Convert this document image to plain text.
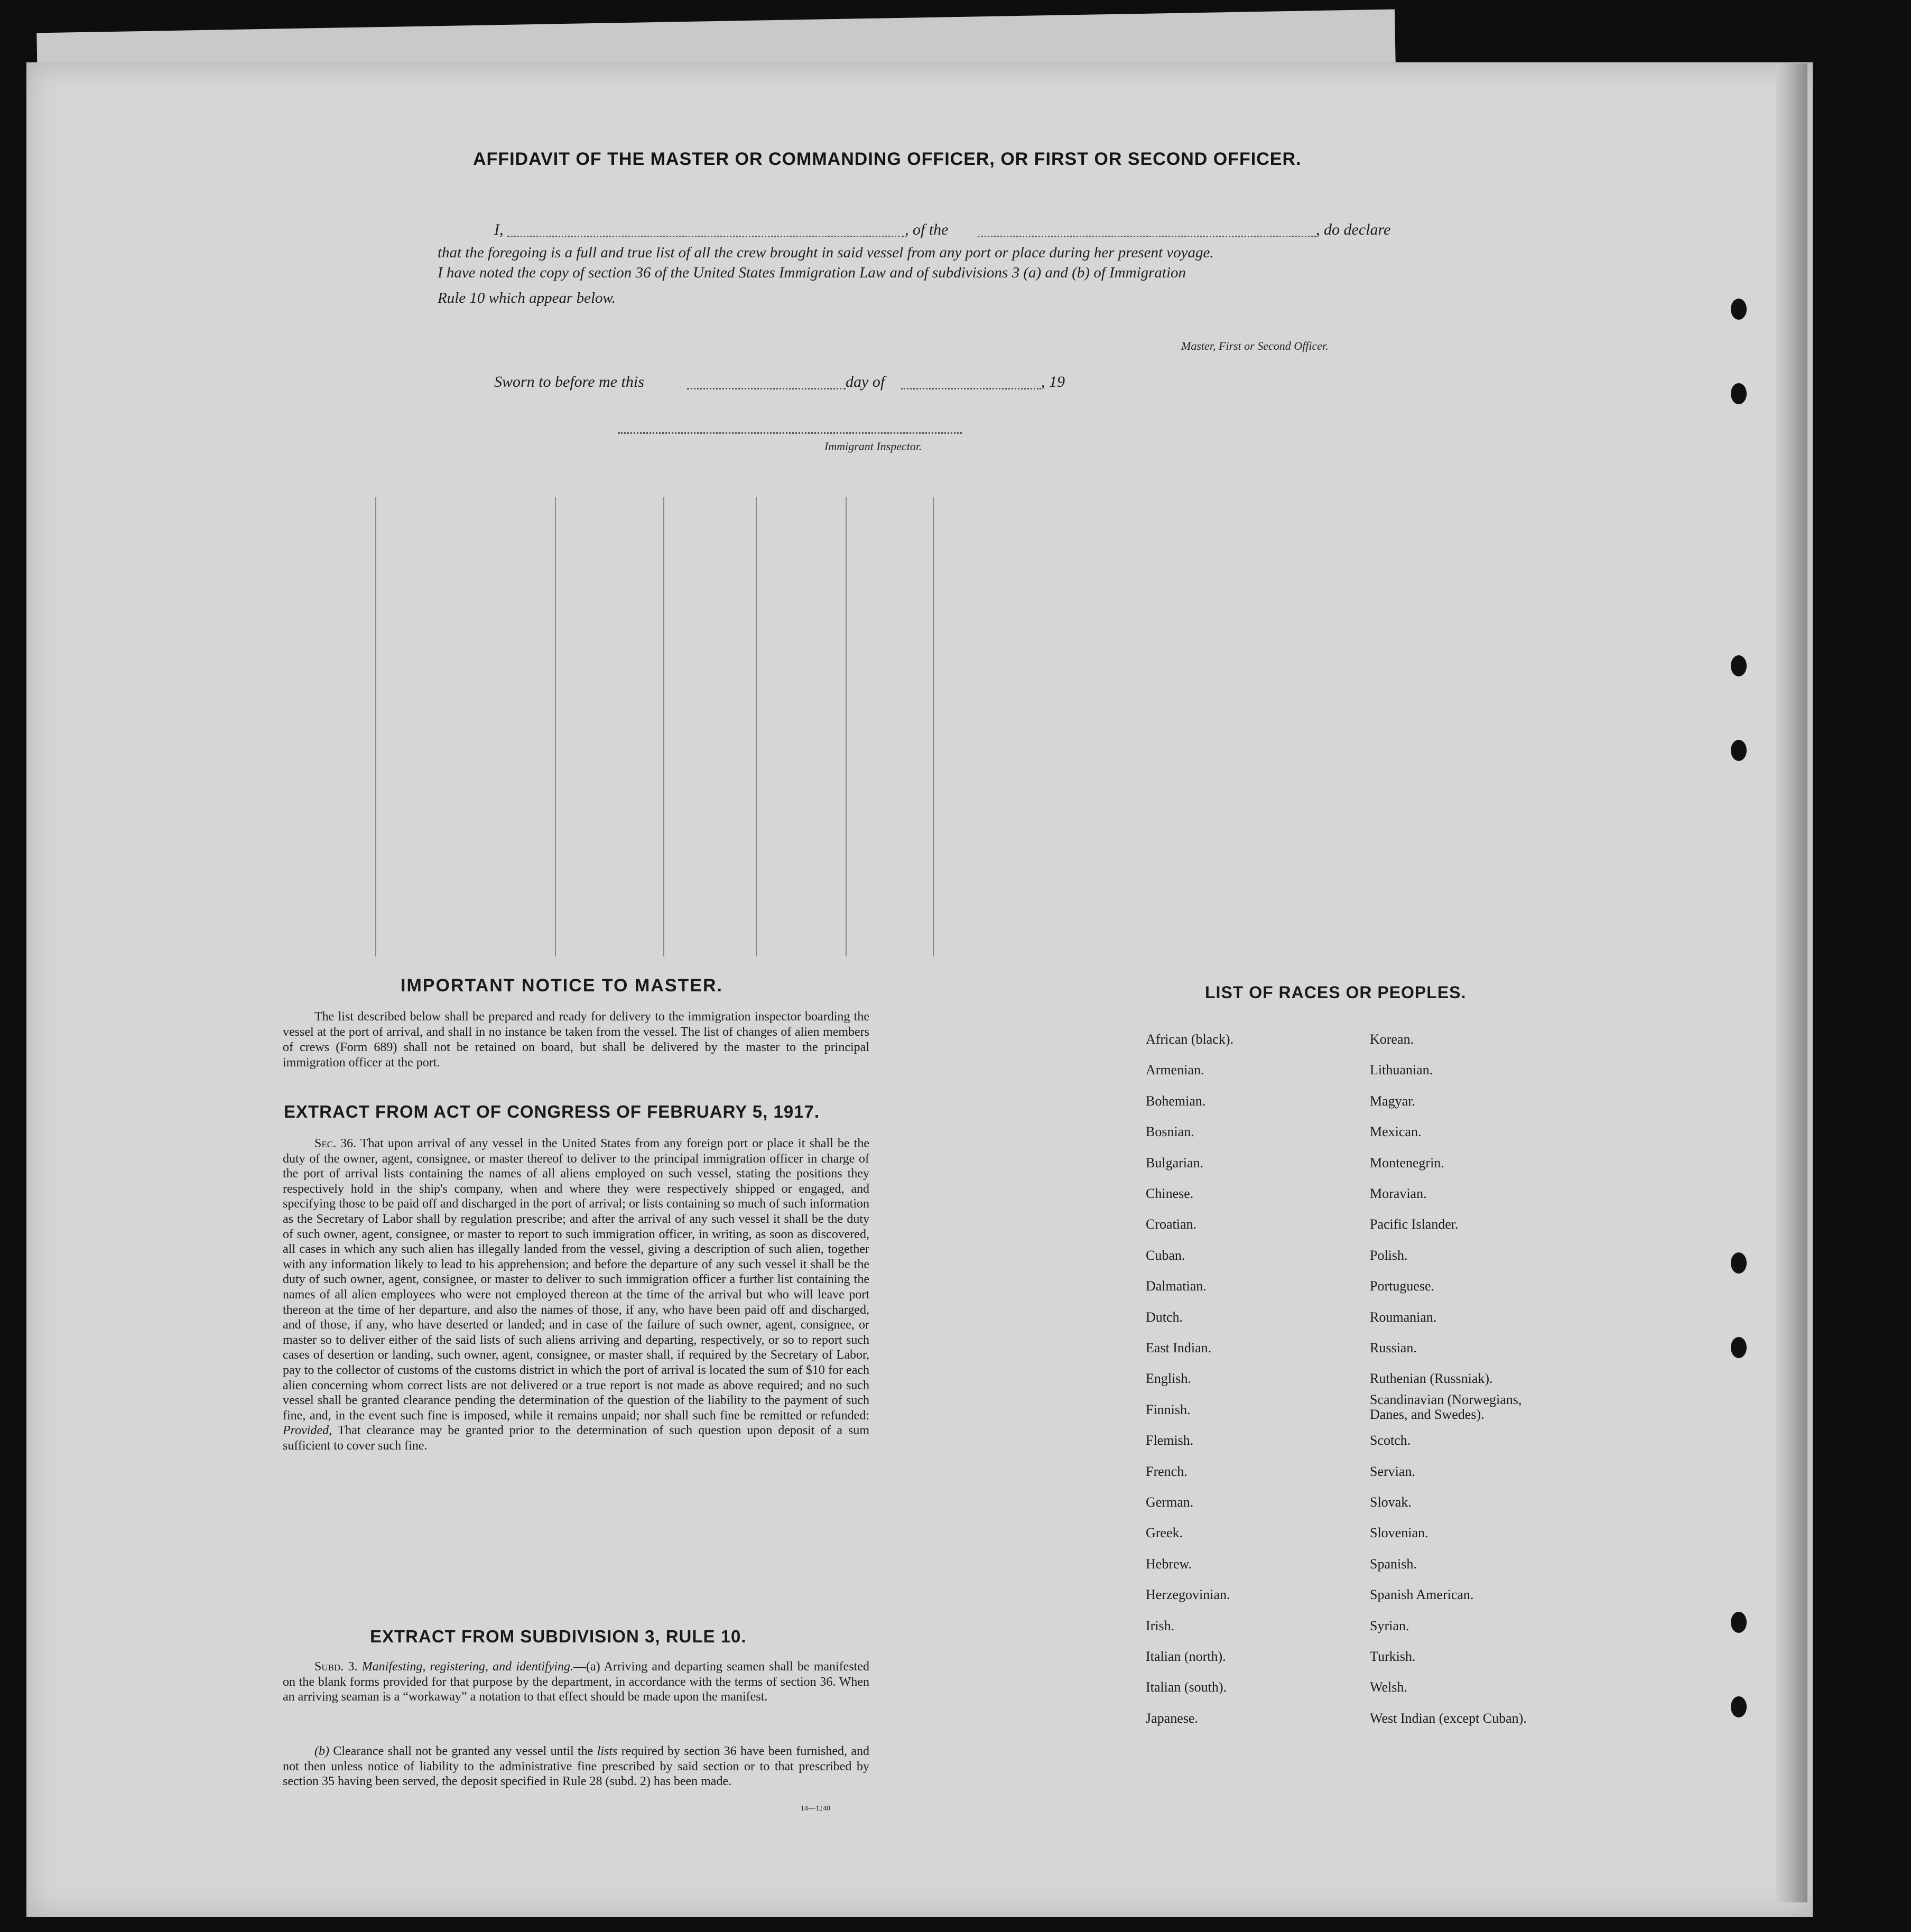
AFFIDAVIT OF THE MASTER OR COMMANDING OFFICER, OR FIRST OR SECOND OFFICER.
I,	, of the	, do declare
that the foregoing is a full and true list of all the crew brought in said vessel from any port or place during her present voyage.
I have noted the copy of section 36 of the United States Immigration Law and of subdivisions 3 (a) and (b) of Immigration
Rule 10 which appear below.
Master, First or Second Officer.
Sworn to before me this	day of	, 19
Immigrant Inspector.
IMPORTANT NOTICE TO MASTER.
The list described below shall be prepared and ready for delivery to the immigration inspector boarding the vessel at the port of arrival, and shall in no instance be taken from the vessel. The list of changes of alien members of crews (Form 689) shall not be retained on board, but shall be delivered by the master to the principal immigration officer at the port.
EXTRACT FROM ACT OF CONGRESS OF FEBRUARY 5, 1917.
Sec. 36. That upon arrival of any vessel in the United States from any foreign port or place it shall be the duty of the owner, agent, consignee, or master thereof to deliver to the principal immigration officer in charge of the port of arrival lists containing the names of all aliens employed on such vessel, stating the positions they respectively hold in the ship's company, when and where they were respectively shipped or engaged, and specifying those to be paid off and discharged in the port of arrival; or lists containing so much of such information as the Secretary of Labor shall by regulation prescribe; and after the arrival of any such vessel it shall be the duty of such owner, agent, consignee, or master to report to such immigration officer, in writing, as soon as discovered, all cases in which any such alien has illegally landed from the vessel, giving a description of such alien, together with any information likely to lead to his apprehension; and before the departure of any such vessel it shall be the duty of such owner, agent, consignee, or master to deliver to such immigration officer a further list containing the names of all alien employees who were not employed thereon at the time of the arrival but who will leave port thereon at the time of her departure, and also the names of those, if any, who have been paid off and discharged, and of those, if any, who have deserted or landed; and in case of the failure of such owner, agent, consignee, or master so to deliver either of the said lists of such aliens arriving and departing, respectively, or so to report such cases of desertion or landing, such owner, agent, consignee, or master shall, if required by the Secretary of Labor, pay to the collector of customs of the customs district in which the port of arrival is located the sum of $10 for each alien concerning whom correct lists are not delivered or a true report is not made as above required; and no such vessel shall be granted clearance pending the determination of the question of the liability to the payment of such fine, and, in the event such fine is imposed, while it remains unpaid; nor shall such fine be remitted or refunded: Provided, That clearance may be granted prior to the determination of such question upon deposit of a sum sufficient to cover such fine.
EXTRACT FROM SUBDIVISION 3, RULE 10.
Subd. 3. Manifesting, registering, and identifying.—(a) Arriving and departing seamen shall be manifested on the blank forms provided for that purpose by the department, in accordance with the terms of section 36. When an arriving seaman is a “workaway” a notation to that effect should be made upon the manifest.
(b) Clearance shall not be granted any vessel until the lists required by section 36 have been furnished, and not then unless notice of liability to the administrative fine prescribed by said section or to that prescribed by section 35 having been served, the deposit specified in Rule 28 (subd. 2) has been made.
14—1240
LIST OF RACES OR PEOPLES.
African (black).
Armenian.
Bohemian.
Bosnian.
Bulgarian.
Chinese.
Croatian.
Cuban.
Dalmatian.
Dutch.
East Indian.
English.
Finnish.
Flemish.
French.
German.
Greek.
Hebrew.
Herzegovinian.
Irish.
Italian (north).
Italian (south).
Japanese.
Korean.
Lithuanian.
Magyar.
Mexican.
Montenegrin.
Moravian.
Pacific Islander.
Polish.
Portuguese.
Roumanian.
Russian.
Ruthenian (Russniak).
Scandinavian (Norwegians, Danes, and Swedes).
Scotch.
Servian.
Slovak.
Slovenian.
Spanish.
Spanish American.
Syrian.
Turkish.
Welsh.
West Indian (except Cuban).
